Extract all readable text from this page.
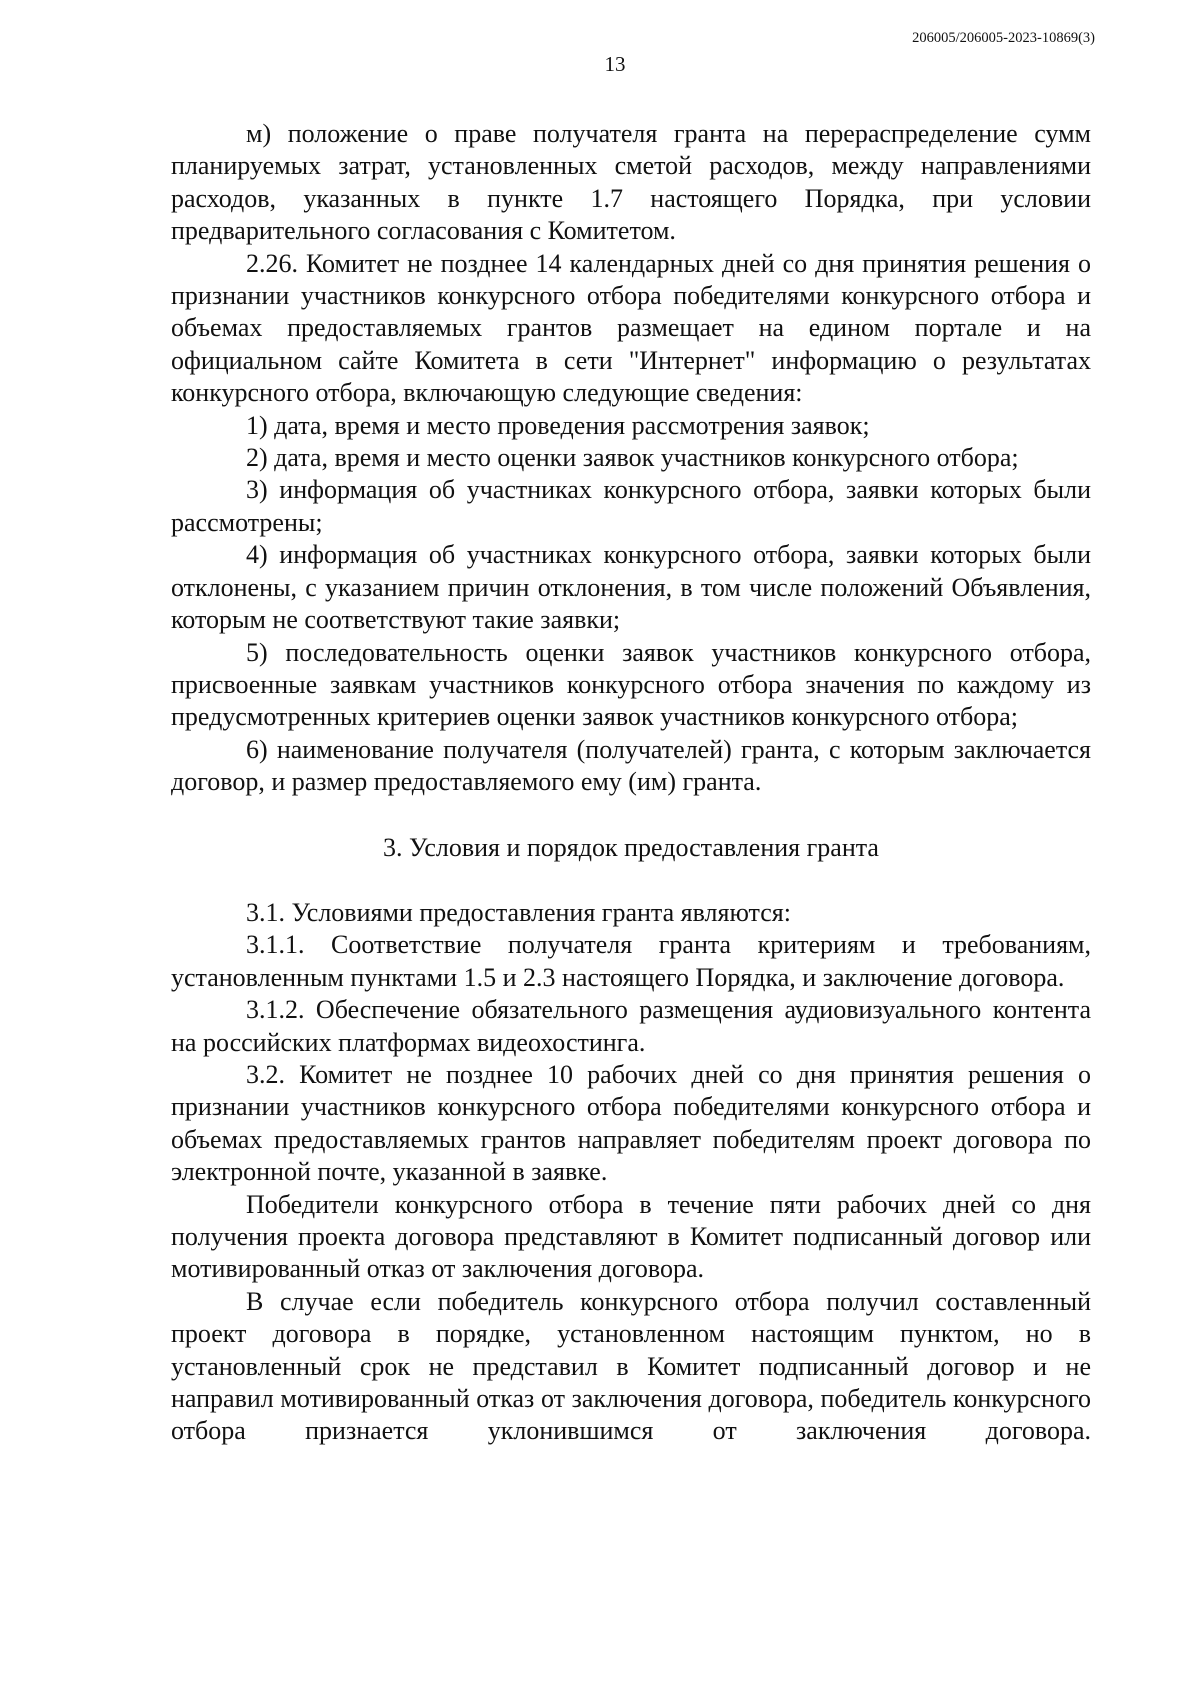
206005/206005-2023-10869(3)
13

м) положение о праве получателя гранта на перераспределение сумм планируемых затрат, установленных сметой расходов, между направлениями расходов, указанных в пункте 1.7 настоящего Порядка, при условии предварительного согласования с Комитетом.

2.26. Комитет не позднее 14 календарных дней со дня принятия решения о признании участников конкурсного отбора победителями конкурсного отбора и объемах предоставляемых грантов размещает на едином портале и на официальном сайте Комитета в сети "Интернет" информацию о результатах конкурсного отбора, включающую следующие сведения:

1) дата, время и место проведения рассмотрения заявок;

2) дата, время и место оценки заявок участников конкурсного отбора;

3) информация об участниках конкурсного отбора, заявки которых были рассмотрены;

4) информация об участниках конкурсного отбора, заявки которых были отклонены, с указанием причин отклонения, в том числе положений Объявления, которым не соответствуют такие заявки;

5) последовательность оценки заявок участников конкурсного отбора, присвоенные заявкам участников конкурсного отбора значения по каждому из предусмотренных критериев оценки заявок участников конкурсного отбора;

6) наименование получателя (получателей) гранта, с которым заключается договор, и размер предоставляемого ему (им) гранта.

3. Условия и порядок предоставления гранта

3.1. Условиями предоставления гранта являются:

3.1.1. Соответствие получателя гранта критериям и требованиям, установленным пунктами 1.5 и 2.3 настоящего Порядка, и заключение договора.

3.1.2. Обеспечение обязательного размещения аудиовизуального контента на российских платформах видеохостинга.

3.2. Комитет не позднее 10 рабочих дней со дня принятия решения о признании участников конкурсного отбора победителями конкурсного отбора и объемах предоставляемых грантов направляет победителям проект договора по электронной почте, указанной в заявке.

Победители конкурсного отбора в течение пяти рабочих дней со дня получения проекта договора представляют в Комитет подписанный договор или мотивированный отказ от заключения договора.

В случае если победитель конкурсного отбора получил составленный проект договора в порядке, установленном настоящим пунктом, но в установленный срок не представил в Комитет подписанный договор и не направил мотивированный отказ от заключения договора, победитель конкурсного отбора признается уклонившимся от заключения договора.
